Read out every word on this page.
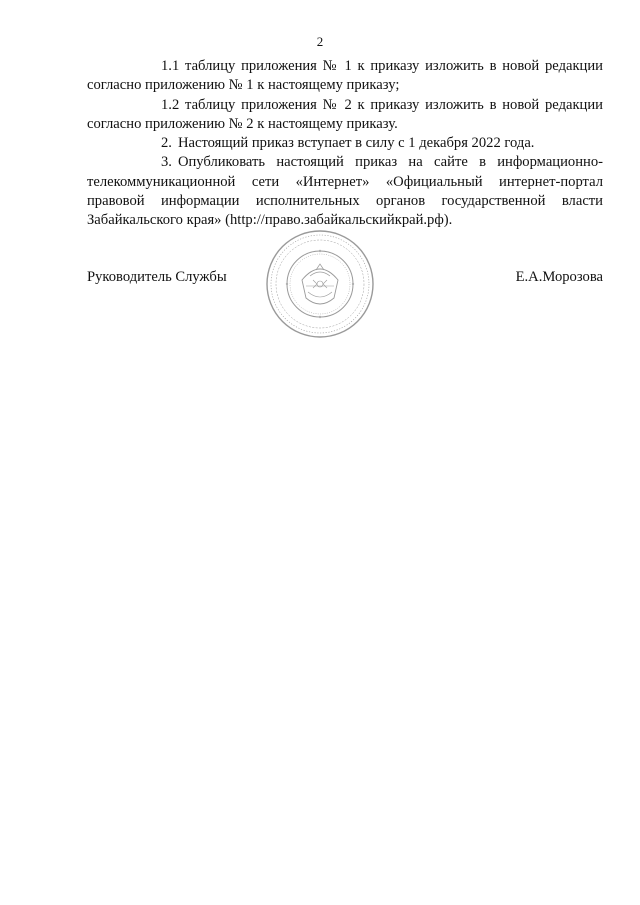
2

1.1 таблицу приложения № 1 к приказу изложить в новой редакции согласно приложению № 1 к настоящему приказу;

1.2 таблицу приложения № 2 к приказу изложить в новой редакции согласно приложению № 2 к настоящему приказу.

2. Настоящий приказ вступает в силу с 1 декабря 2022 года.

3. Опубликовать настоящий приказ на сайте в информационно-телекоммуникационной сети «Интернет» «Официальный интернет-портал правовой информации исполнительных органов государственной власти Забайкальского края» (http://право.забайкальскийкрай.рф).

Руководитель Службы	Е.А.Морозова
